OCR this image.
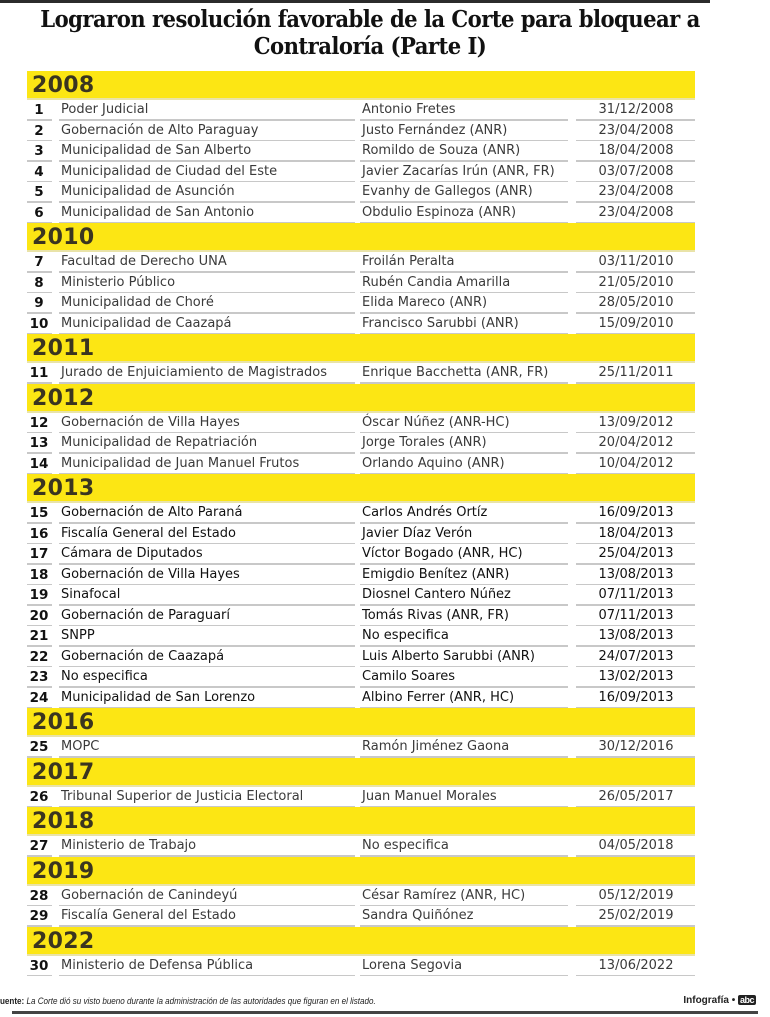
Lograron resolución favorable de la Corte para bloquear a Contraloría (Parte I)
2008
1	Poder Judicial	Antonio Fretes	31/12/2008
2	Gobernación de Alto Paraguay	Justo Fernández (ANR)	23/04/2008
3	Municipalidad de San Alberto	Romildo de Souza (ANR)	18/04/2008
4	Municipalidad de Ciudad del Este	Javier Zacarías Irún (ANR, FR)	03/07/2008
5	Municipalidad de Asunción	Evanhy de Gallegos (ANR)	23/04/2008
6	Municipalidad de San Antonio	Obdulio Espinoza (ANR)	23/04/2008
2010
7	Facultad de Derecho UNA	Froilán Peralta	03/11/2010
8	Ministerio Público	Rubén Candia Amarilla	21/05/2010
9	Municipalidad de Choré	Elida Mareco (ANR)	28/05/2010
10 Municipalidad de Caazapá	Francisco Sarubbi (ANR)	15/09/2010
2011
11 Jurado de Enjuiciamiento de Magistrados	Enrique Bacchetta (ANR, FR)	25/11/2011
2012
12 Gobernación de Villa Hayes	Óscar Núñez (ANR-HC)	13/09/2012
13 Municipalidad de Repatriación	Jorge Torales (ANR)	20/04/2012
14 Municipalidad de Juan Manuel Frutos	Orlando Aquino (ANR)	10/04/2012
2013
15 Gobernación de Alto Paraná	Carlos Andrés Ortíz	16/09/2013
16 Fiscalía General del Estado	Javier Díaz Verón	18/04/2013
17 Cámara de Diputados	Víctor Bogado (ANR, HC)	25/04/2013
18 Gobernación de Villa Hayes	Emigdio Benítez (ANR)	13/08/2013
19 Sinafocal	Diosnel Cantero Núñez	07/11/2013
20 Gobernación de Paraguarí	Tomás Rivas (ANR, FR)	07/11/2013
21 SNPP	No especifica	13/08/2013
22 Gobernación de Caazapá	Luis Alberto Sarubbi (ANR)	24/07/2013
23 No especifica	Camilo Soares	13/02/2013
24 Municipalidad de San Lorenzo	Albino Ferrer (ANR, HC)	16/09/2013
2016
25 MOPC	Ramón Jiménez Gaona	30/12/2016
2017
26 Tribunal Superior de Justicia Electoral	Juan Manuel Morales	26/05/2017
2018
27 Ministerio de Trabajo	No especifica	04/05/2018
2019
28 Gobernación de Canindeyú	César Ramírez (ANR, HC)	05/12/2019
29 Fiscalía General del Estado	Sandra Quiñónez	25/02/2019
2022
30 Ministerio de Defensa Pública	Lorena Segovia	13/06/2022
uente: La Corte dió su visto bueno durante la administración de las autoridades que figuran en el listado.	Infografía • abc
